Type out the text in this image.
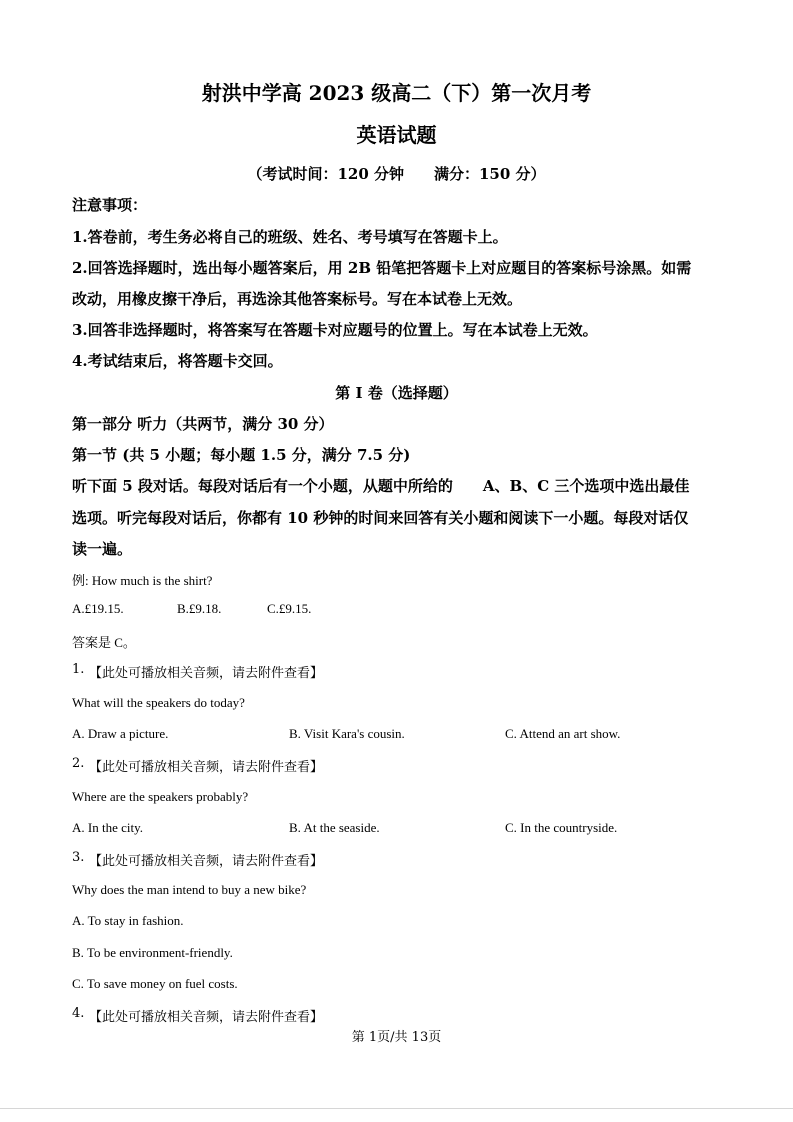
射洪中学高 2023 级高二（下）第一次月考
英语试题
（考试时间：120 分钟　　满分：150 分）
注意事项：
1.答卷前，考生务必将自己的班级、姓名、考号填写在答题卡上。
2.回答选择题时，选出每小题答案后，用 2B 铅笔把答题卡上对应题目的答案标号涂黑。如需
改动，用橡皮擦干净后，再选涂其他答案标号。写在本试卷上无效。
3.回答非选择题时，将答案写在答题卡对应题号的位置上。写在本试卷上无效。
4.考试结束后，将答题卡交回。
第 I 卷（选择题）
第一部分 听力（共两节，满分 30 分）
第一节 (共 5 小题；每小题 1.5 分，满分 7.5 分)
听下面 5 段对话。每段对话后有一个小题，从题中所给的　　A、B、C 三个选项中选出最佳
选项。听完每段对话后，你都有 10 秒钟的时间来回答有关小题和阅读下一小题。每段对话仅
读一遍。
例: How much is the shirt?
A.£19.15.	B.£9.18.	C.£9.15.
答案是 C。
1. 【此处可播放相关音频，请去附件查看】
What will the speakers do today?
A. Draw a picture.	B. Visit Kara's cousin.	C. Attend an art show.
2. 【此处可播放相关音频，请去附件查看】
Where are the speakers probably?
A. In the city.	B. At the seaside.	C. In the countryside.
3. 【此处可播放相关音频，请去附件查看】
Why does the man intend to buy a new bike?
A. To stay in fashion.
B. To be environment-friendly.
C. To save money on fuel costs.
4. 【此处可播放相关音频，请去附件查看】
第 1页/共 13页
